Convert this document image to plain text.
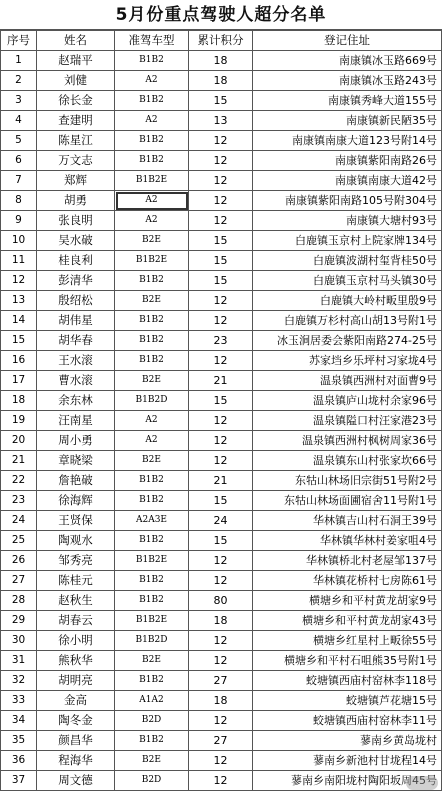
5月份重点驾驶人超分名单
序号	姓名	准驾车型	累计积分	登记住址
1	赵瑞平	B1B2	18	南康镇冰玉路669号
2	刘健	A2	18	南康镇冰玉路243号
3	徐长金	B1B2	15	南康镇秀峰大道155号
4	查建明	A2	13	南康镇新民陋35号
5	陈星江	B1B2	12	南康镇南康大道123号附14号
6	万文志	B1B2	12	南康镇紫阳南路26号
7	郑辉	B1B2E	12	南康镇南康大道42号
8	胡勇	A2	12	南康镇紫阳南路105号附304号
9	张良明	A2	12	南康镇大塘村93号
10	吴水破	B2E	15	白鹿镇玉京村上院家牌134号
11	桂良利	B1B2E	15	白鹿镇波湖村玺背桂50号
12	彭清华	B1B2	15	白鹿镇玉京村马头镇30号
13	殷绍松	B2E	12	白鹿镇大岭村畈里殷9号
14	胡伟星	B1B2	12	白鹿镇万杉村高山胡13号附1号
15	胡华春	B1B2	23	冰玉涧居委会紫阳南路274-25号
16	王水滚	B1B2	12	苏家垱乡乐坪村习家垅4号
17	曹水滚	B2E	21	温泉镇西洲村对面曹9号
18	余东林	B1B2D	15	温泉镇庐山垅村余家96号
19	汪南星	A2	12	温泉镇隘口村汪家港23号
20	周小勇	A2	12	温泉镇西洲村枫树周家36号
21	章晓梁	B2E	12	温泉镇东山村张家坎66号
22	詹艳破	B1B2	21	东牯山林场旧宗街51号附2号
23	徐海辉	B1B2	15	东牯山林场面圃宿舍11号附1号
24	王贤保	A2A3E	24	华林镇吉山村石洞王39号
25	陶观水	B1B2	15	华林镇华林村姜家咀4号
26	邹秀亮	B1B2E	12	华林镇桥北村老屋邹137号
27	陈桂元	B1B2	12	华林镇花桥村七房陈61号
28	赵秋生	B1B2	80	横塘乡和平村黄龙胡家9号
29	胡春云	B1B2E	18	横塘乡和平村黄龙胡家43号
30	徐小明	B1B2D	12	横塘乡红星村上畈徐55号
31	熊秋华	B2E	12	横塘乡和平村石咀熊35号附1号
32	胡明亮	B1B2	27	蛟塘镇西庙村窑林李118号
33	金高	A1A2	18	蛟塘镇芦花塘15号
34	陶冬金	B2D	12	蛟塘镇西庙村窑林李11号
35	颜昌华	B1B2	27	蓼南乡黄岛垅村
36	程海华	B2E	12	蓼南乡新池村甘垅程14号
37	周文德	B2D	12	蓼南乡南阳垅村陶阳坂周45号
